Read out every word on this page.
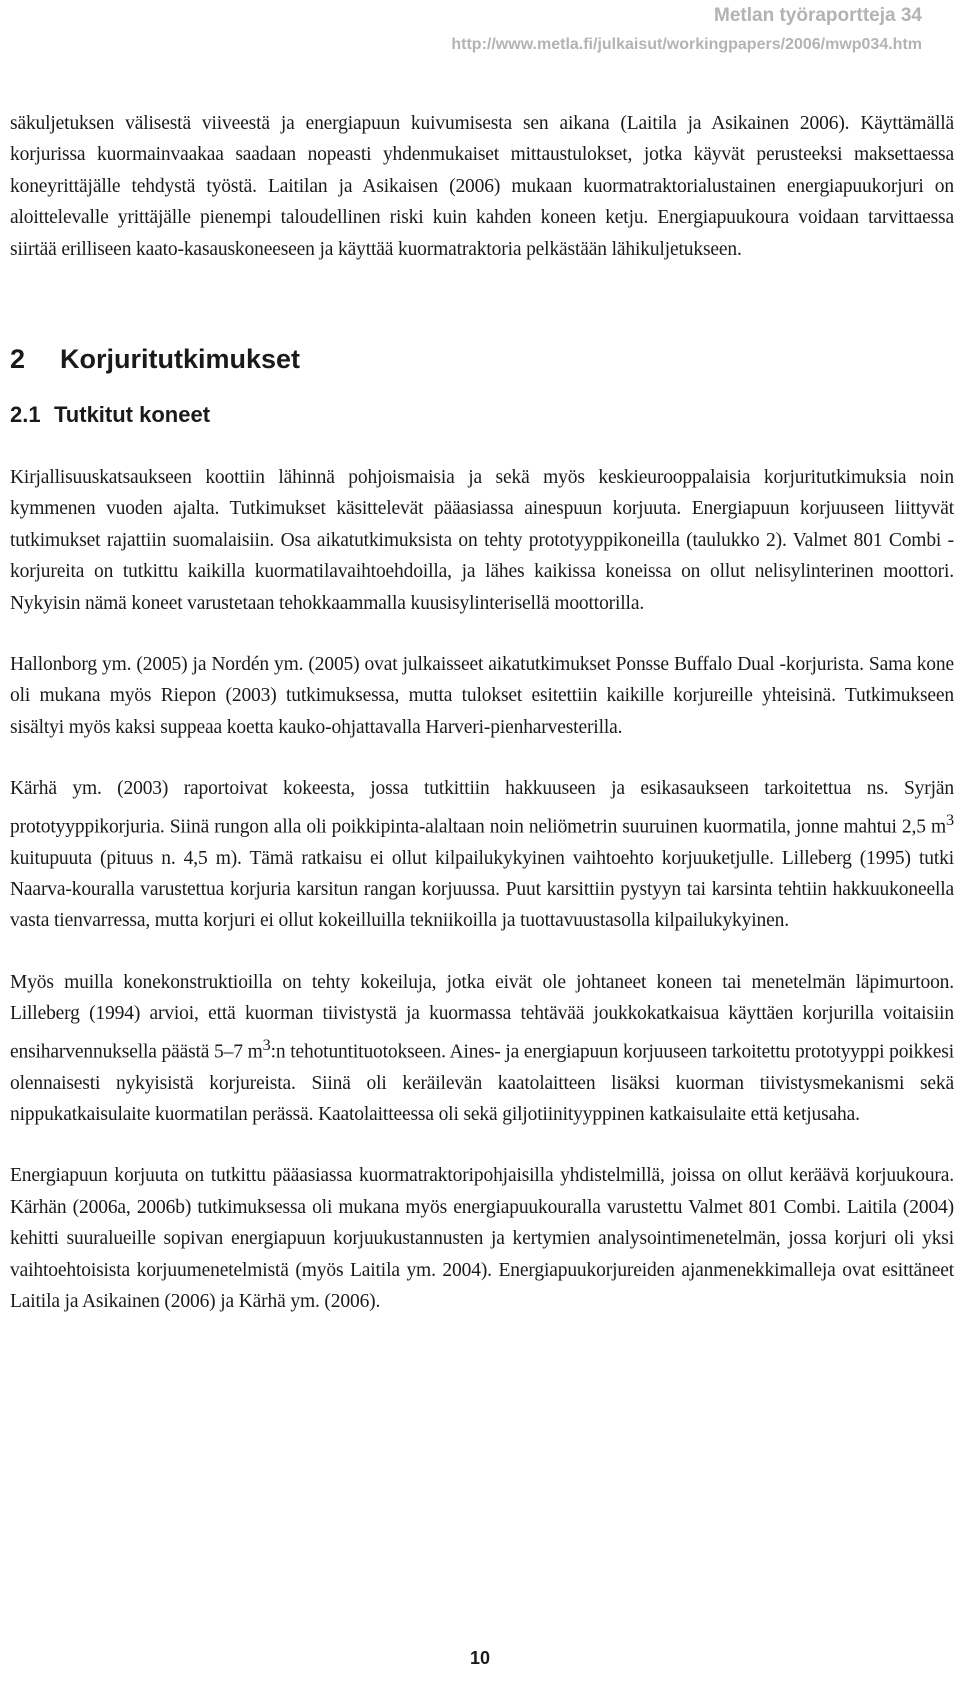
Metlan työraportteja 34
http://www.metla.fi/julkaisut/workingpapers/2006/mwp034.htm

säkuljetuksen välisestä viiveestä ja energiapuun kuivumisesta sen aikana (Laitila ja Asikainen 2006). Käyttämällä korjurissa kuormainvaakaa saadaan nopeasti yhdenmukaiset mittaustulokset, jotka käyvät perusteeksi maksettaessa koneyrittäjälle tehdystä työstä. Laitilan ja Asikaisen (2006) mukaan kuormatraktorialustainen energiapuukorjuri on aloittelevalle yrittäjälle pienempi taloudellinen riski kuin kahden koneen ketju. Energiapuukoura voidaan tarvittaessa siirtää erilliseen kaato-kasauskoneeseen ja käyttää kuormatraktoria pelkästään lähikuljetukseen.

2 Korjuritutkimukset
2.1 Tutkitut koneet

Kirjallisuuskatsaukseen koottiin lähinnä pohjoismaisia ja sekä myös keskieurooppalaisia korjuritutkimuksia noin kymmenen vuoden ajalta. Tutkimukset käsittelevät pääasiassa ainespuun korjuuta. Energiapuun korjuuseen liittyvät tutkimukset rajattiin suomalaisiin. Osa aikatutkimuksista on tehty prototyyppikoneilla (taulukko 2). Valmet 801 Combi -korjureita on tutkittu kaikilla kuormatilavaihtoehdoilla, ja lähes kaikissa koneissa on ollut nelisylinterinen moottori. Nykyisin nämä koneet varustetaan tehokkaammalla kuusisylinterisellä moottorilla.

Hallonborg ym. (2005) ja Nordén ym. (2005) ovat julkaisseet aikatutkimukset Ponsse Buffalo Dual -korjurista. Sama kone oli mukana myös Riepon (2003) tutkimuksessa, mutta tulokset esitettiin kaikille korjureille yhteisinä. Tutkimukseen sisältyi myös kaksi suppeaa koetta kauko-ohjattavalla Harveri-pienharvesterilla.

Kärhä ym. (2003) raportoivat kokeesta, jossa tutkittiin hakkuuseen ja esikasaukseen tarkoitettua ns. Syrjän prototyyppikorjuria. Siinä rungon alla oli poikkipinta-alaltaan noin neliömetrin suuruinen kuormatila, jonne mahtui 2,5 $m^3$ kuitupuuta (pituus n. 4,5 m). Tämä ratkaisu ei ollut kilpailukykyinen vaihtoehto korjuuketjulle. Lilleberg (1995) tutki Naarva-kouralla varustettua korjuria karsitun rangan korjuussa. Puut karsittiin pystyyn tai karsinta tehtiin hakkuukoneella vasta tienvarressa, mutta korjuri ei ollut kokeilluilla tekniikoilla ja tuottavuustasolla kilpailukykyinen.

Myös muilla konekonstruktioilla on tehty kokeiluja, jotka eivät ole johtaneet koneen tai menetelmän läpimurtoon. Lilleberg (1994) arvioi, että kuorman tiivistystä ja kuormassa tehtävää joukkokatkaisua käyttäen korjurilla voitaisiin ensiharvennuksella päästä 5–7 $m^3:n$ tehotuntituotokseen. Aines- ja energiapuun korjuuseen tarkoitettu prototyyppi poikkesi olennaisesti nykyisistä korjureista. Siinä oli keräilevän kaatolaitteen lisäksi kuorman tiivistysmekanismi sekä nippukatkaisulaite kuormatilan perässä. Kaatolaitteessa oli sekä giljotiinityyppinen katkaisulaite että ketjusaha.

Energiapuun korjuuta on tutkittu pääasiassa kuormatraktoripohjaisilla yhdistelmillä, joissa on ollut keräävä korjuukoura. Kärhän (2006a, 2006b) tutkimuksessa oli mukana myös energiapuukouralla varustettu Valmet 801 Combi. Laitila (2004) kehitti suuralueille sopivan energiapuun korjuukustannusten ja kertymien analysointimenetelmän, jossa korjuri oli yksi vaihtoehtoisista korjuumenetelmistä (myös Laitila ym. 2004). Energiapuukorjureiden ajanmenekkimalleja ovat esittäneet Laitila ja Asikainen (2006) ja Kärhä ym. (2006).

10
